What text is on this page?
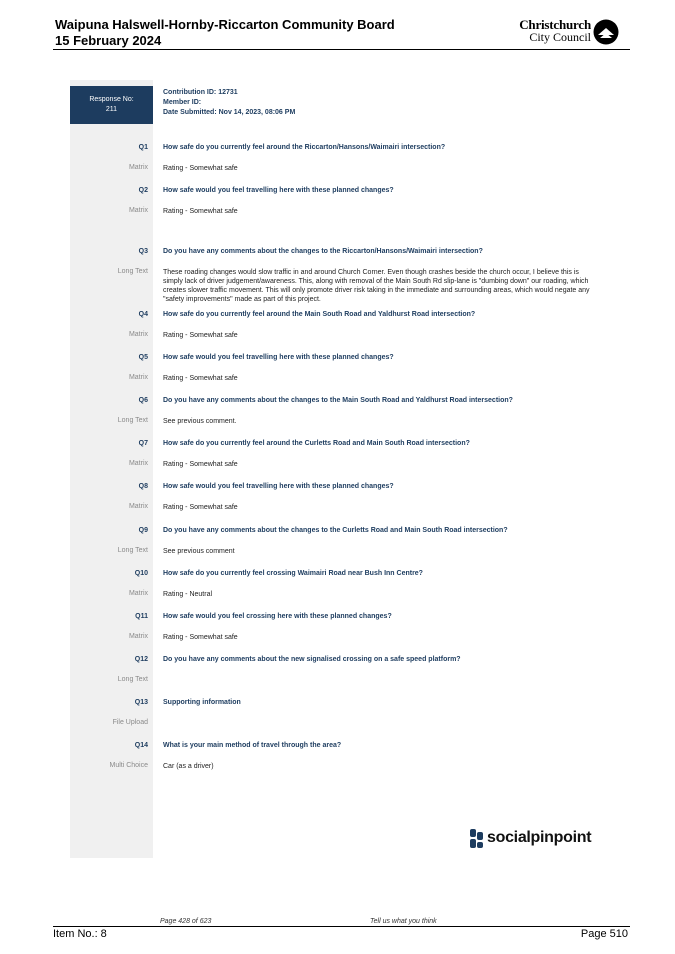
Waipuna Halswell-Hornby-Riccarton Community Board
15 February 2024
Christchurch
City Council
Response No:
211
Contribution ID: 12731
Member ID:
Date Submitted: Nov 14, 2023, 08:06 PM
Q1 How safe do you currently feel around the Riccarton/Hansons/Waimairi intersection?
Matrix Rating - Somewhat safe
Q2 How safe would you feel travelling here with these planned changes?
Matrix Rating - Somewhat safe
Q3 Do you have any comments about the changes to the Riccarton/Hansons/Waimairi intersection?
Long Text These roading changes would slow traffic in and around Church Corner. Even though crashes beside the church occur, I believe this is simply lack of driver judgement/awareness. This, along with removal of the Main South Rd slip-lane is "dumbing down" our roading, which creates slower traffic movement. This will only promote driver risk taking in the immediate and surrounding areas, which would negate any "safety improvements" made as part of this project.
Q4 How safe do you currently feel around the Main South Road and Yaldhurst Road intersection?
Matrix Rating - Somewhat safe
Q5 How safe would you feel travelling here with these planned changes?
Matrix Rating - Somewhat safe
Q6 Do you have any comments about the changes to the Main South Road and Yaldhurst Road intersection?
Long Text See previous comment.
Q7 How safe do you currently feel around the Curletts Road and Main South Road intersection?
Matrix Rating - Somewhat safe
Q8 How safe would you feel travelling here with these planned changes?
Matrix Rating - Somewhat safe
Q9 Do you have any comments about the changes to the Curletts Road and Main South Road intersection?
Long Text See previous comment
Q10 How safe do you currently feel crossing Waimairi Road near Bush Inn Centre?
Matrix Rating - Neutral
Q11 How safe would you feel crossing here with these planned changes?
Matrix Rating - Somewhat safe
Q12 Do you have any comments about the new signalised crossing on a safe speed platform?
Long Text
Q13 Supporting information
File Upload
Q14 What is your main method of travel through the area?
Multi Choice Car (as a driver)
Page 428 of 623	Tell us what you think
socialpinpoint
Item No.: 8	Page 510
